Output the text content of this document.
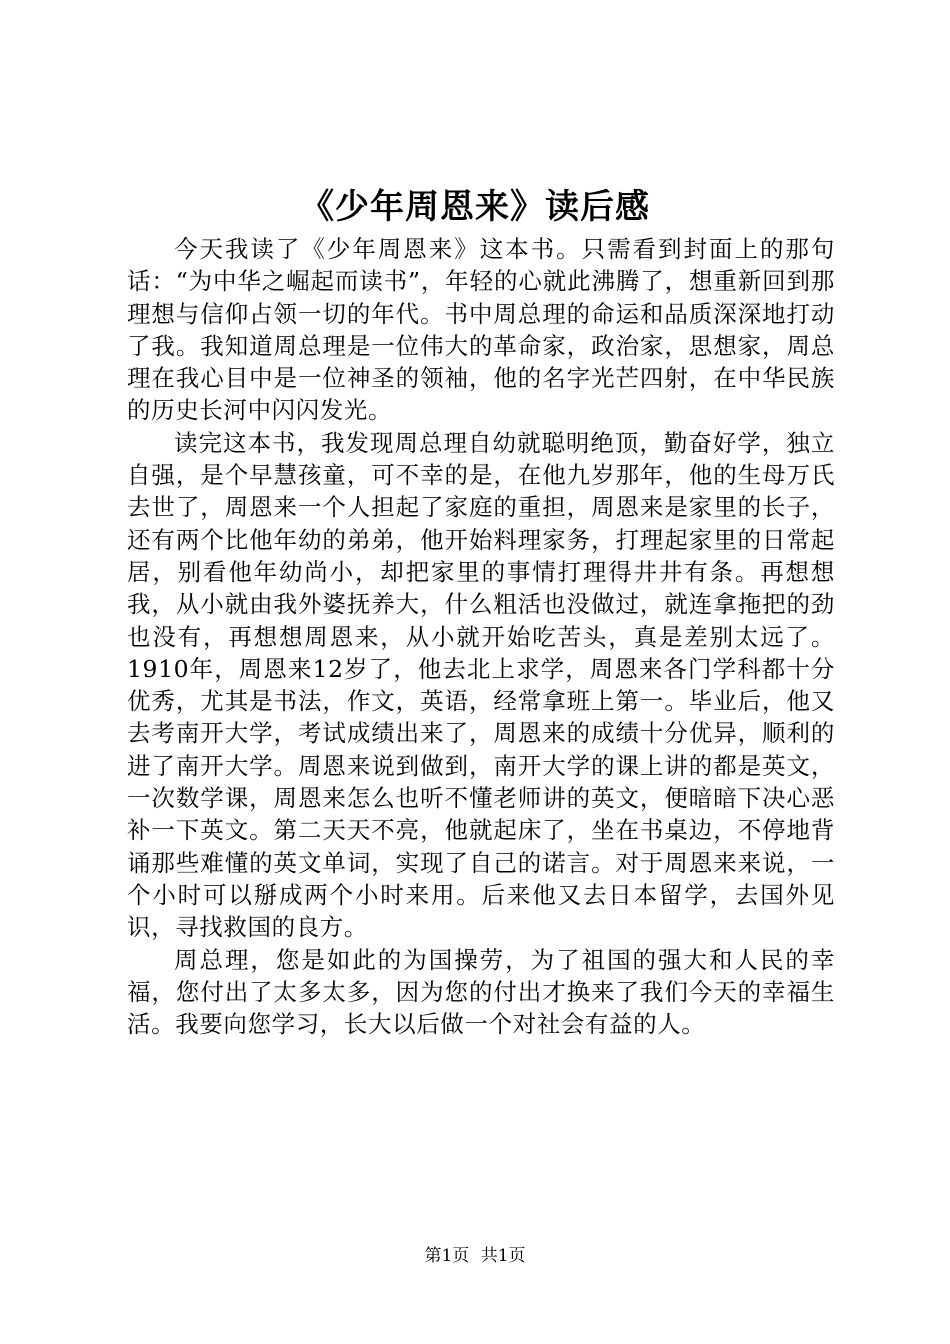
《少年周恩来》读后感

今天我读了《少年周恩来》这本书。只需看到封面上的那句话：“为中华之崛起而读书”，年轻的心就此沸腾了，想重新回到那理想与信仰占领一切的年代。书中周总理的命运和品质深深地打动了我。我知道周总理是一位伟大的革命家，政治家，思想家，周总理在我心目中是一位神圣的领袖，他的名字光芒四射，在中华民族的历史长河中闪闪发光。

读完这本书，我发现周总理自幼就聪明绝顶，勤奋好学，独立自强，是个早慧孩童，可不幸的是，在他九岁那年，他的生母万氏去世了，周恩来一个人担起了家庭的重担，周恩来是家里的长子，还有两个比他年幼的弟弟，他开始料理家务，打理起家里的日常起居，别看他年幼尚小，却把家里的事情打理得井井有条。再想想我，从小就由我外婆抚养大，什么粗活也没做过，就连拿拖把的劲也没有，再想想周恩来，从小就开始吃苦头，真是差别太远了。1910年，周恩来12岁了，他去北上求学，周恩来各门学科都十分优秀，尤其是书法，作文，英语，经常拿班上第一。毕业后，他又去考南开大学，考试成绩出来了，周恩来的成绩十分优异，顺利的进了南开大学。周恩来说到做到，南开大学的课上讲的都是英文，一次数学课，周恩来怎么也听不懂老师讲的英文，便暗暗下决心恶补一下英文。第二天天不亮，他就起床了，坐在书桌边，不停地背诵那些难懂的英文单词，实现了自己的诺言。对于周恩来来说，一个小时可以掰成两个小时来用。后来他又去日本留学，去国外见识，寻找救国的良方。

周总理，您是如此的为国操劳，为了祖国的强大和人民的幸福，您付出了太多太多，因为您的付出才换来了我们今天的幸福生活。我要向您学习，长大以后做一个对社会有益的人。

第1页 共1页
